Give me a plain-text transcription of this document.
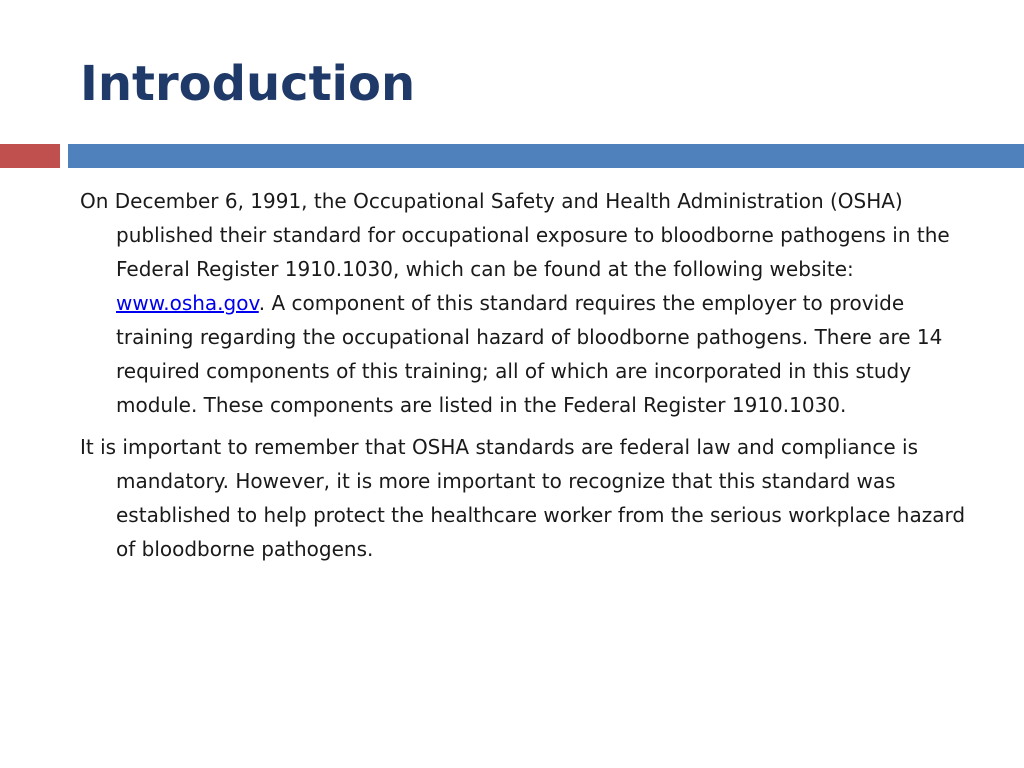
Introduction

On December 6, 1991, the Occupational Safety and Health Administration (OSHA) published their standard for occupational exposure to bloodborne pathogens in the Federal Register 1910.1030, which can be found at the following website: www.osha.gov. A component of this standard requires the employer to provide training regarding the occupational hazard of bloodborne pathogens. There are 14 required components of this training; all of which are incorporated in this study module. These components are listed in the Federal Register 1910.1030.

It is important to remember that OSHA standards are federal law and compliance is mandatory. However, it is more important to recognize that this standard was established to help protect the healthcare worker from the serious workplace hazard of bloodborne pathogens.
